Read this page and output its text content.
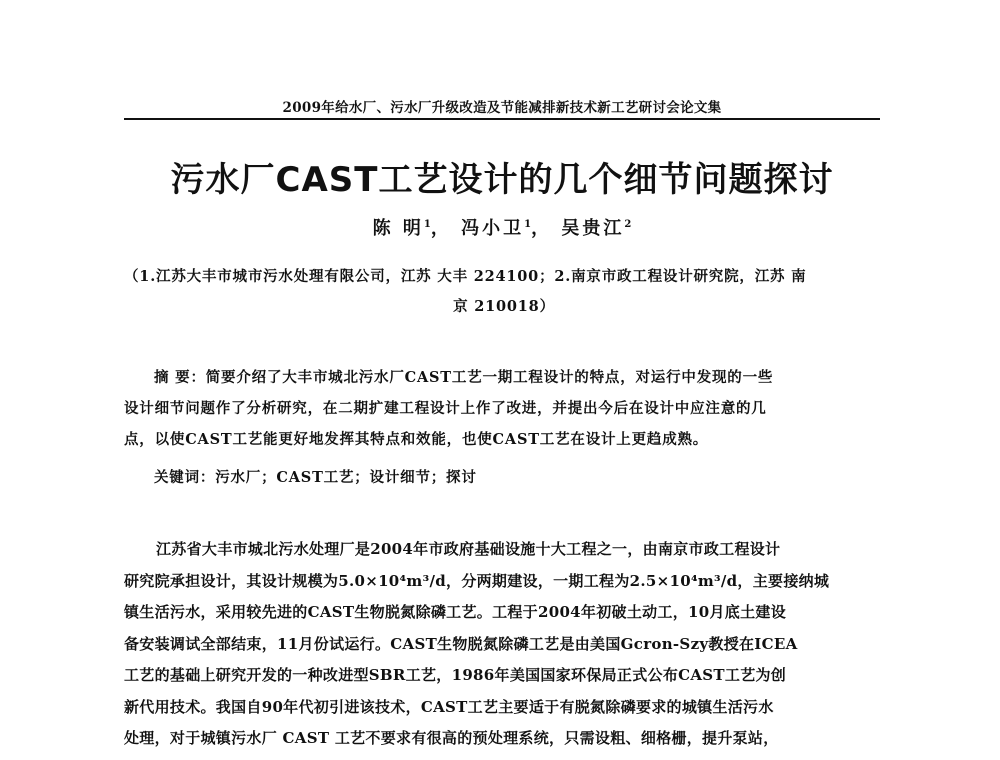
2009年给水厂、污水厂升级改造及节能减排新技术新工艺研讨会论文集
污水厂CAST工艺设计的几个细节问题探讨
陈 明$^1$， 冯小卫$^1$， 吴贵江$^2$
（1.江苏大丰市城市污水处理有限公司，江苏 大丰 224100；2.南京市政工程设计研究院，江苏 南
京 210018）
摘 要：简要介绍了大丰市城北污水厂CAST工艺一期工程设计的特点，对运行中发现的一些
设计细节问题作了分析研究，在二期扩建工程设计上作了改进，并提出今后在设计中应注意的几
点，以使CAST工艺能更好地发挥其特点和效能，也使CAST工艺在设计上更趋成熟。
关键词：污水厂；CAST工艺；设计细节；探讨
江苏省大丰市城北污水处理厂是2004年市政府基础设施十大工程之一，由南京市政工程设计
研究院承担设计，其设计规模为5.0×10⁴m³/d，分两期建设，一期工程为2.5×10⁴m³/d，主要接纳城
镇生活污水，采用较先进的CAST生物脱氮除磷工艺。工程于2004年初破土动工，10月底土建设
备安装调试全部结束，11月份试运行。CAST生物脱氮除磷工艺是由美国Gcron-Szy教授在ICEA
工艺的基础上研究开发的一种改进型SBR工艺，1986年美国国家环保局正式公布CAST工艺为创
新代用技术。我国自90年代初引进该技术，CAST工艺主要适于有脱氮除磷要求的城镇生活污水
处理，对于城镇污水厂 CAST 工艺不要求有很高的预处理系统，只需设粗、细格栅，提升泵站，
